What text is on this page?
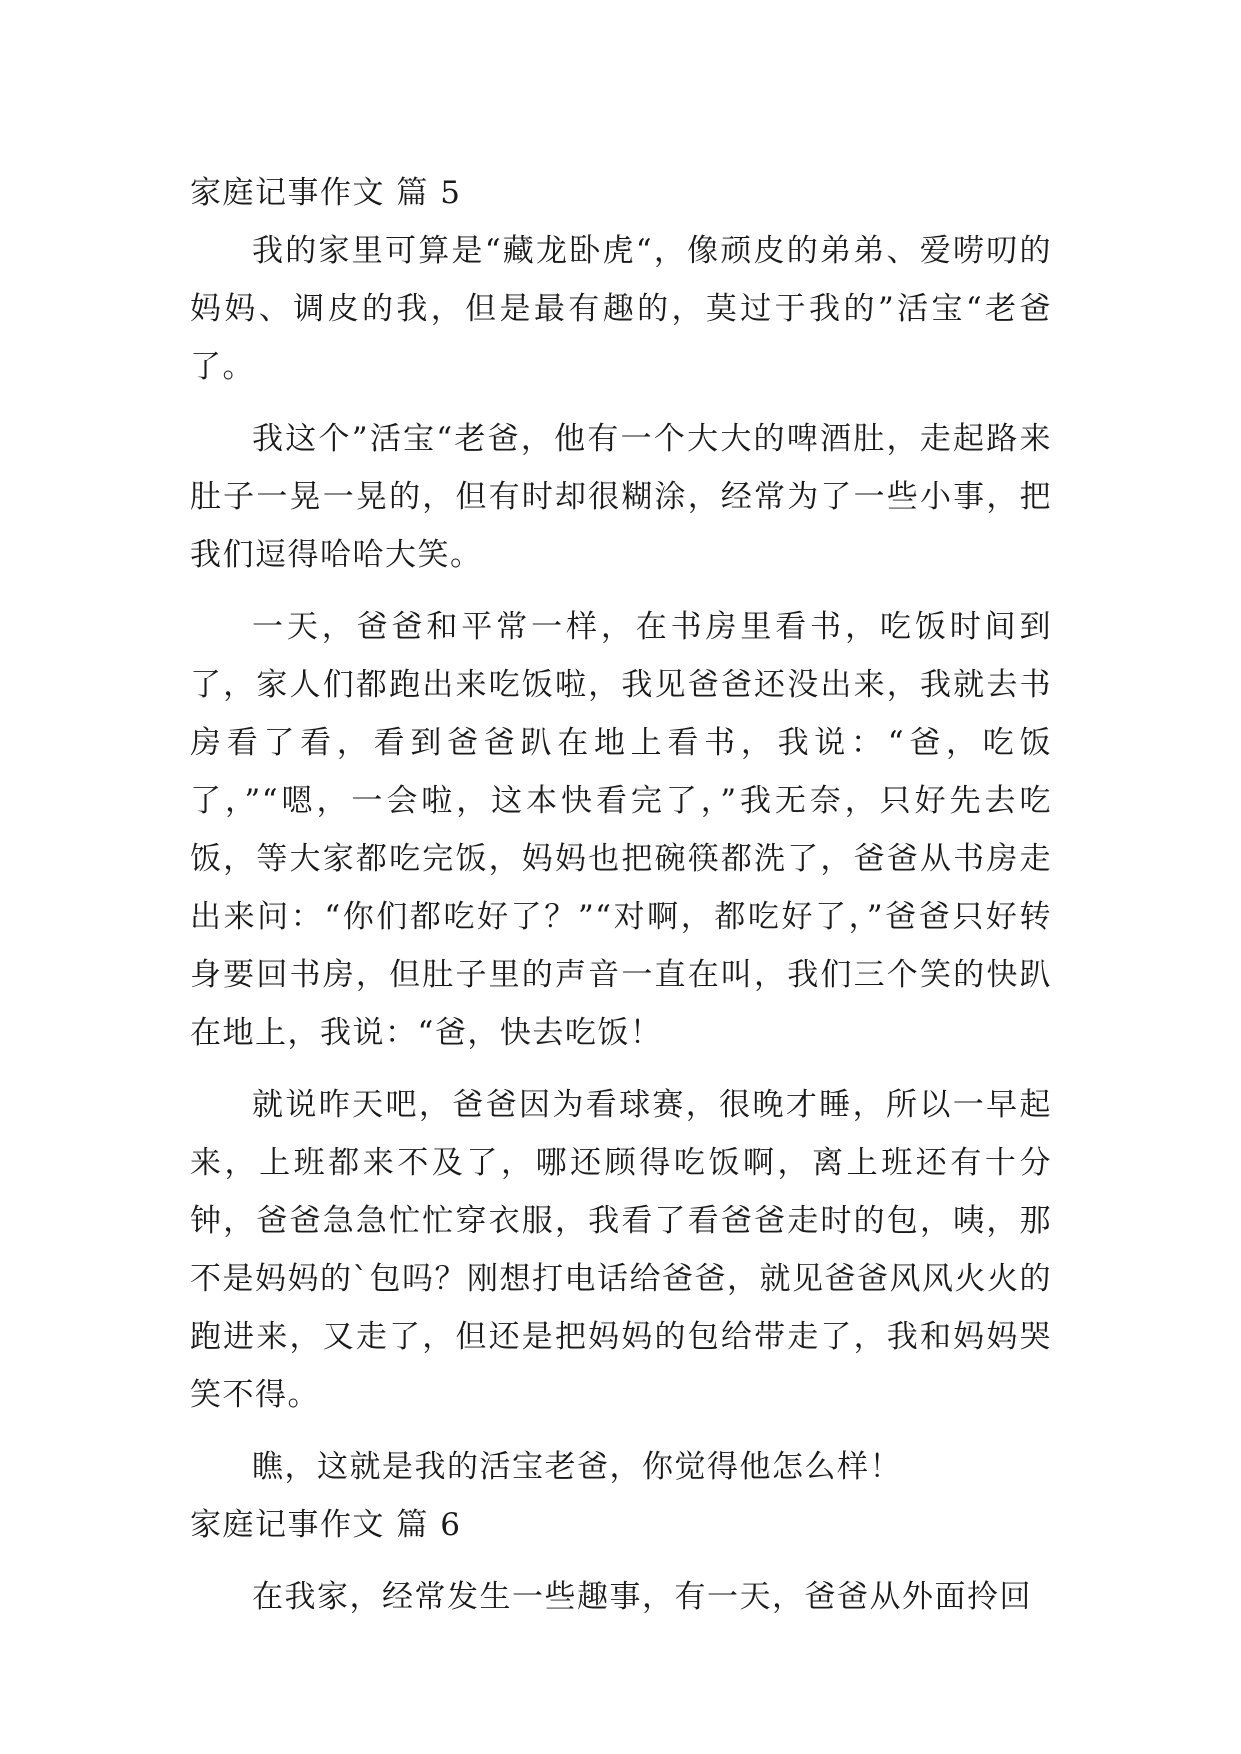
家庭记事作文 篇 5

我的家里可算是“藏龙卧虎“，像顽皮的弟弟、爱唠叨的妈妈、调皮的我，但是最有趣的，莫过于我的”活宝“老爸了。

我这个”活宝“老爸，他有一个大大的啤酒肚，走起路来肚子一晃一晃的，但有时却很糊涂，经常为了一些小事，把我们逗得哈哈大笑。

一天，爸爸和平常一样，在书房里看书，吃饭时间到了，家人们都跑出来吃饭啦，我见爸爸还没出来，我就去书房看了看，看到爸爸趴在地上看书，我说：“爸，吃饭了，”“嗯，一会啦，这本快看完了，”我无奈，只好先去吃饭，等大家都吃完饭，妈妈也把碗筷都洗了，爸爸从书房走出来问：“你们都吃好了？”“对啊，都吃好了，”爸爸只好转身要回书房，但肚子里的声音一直在叫，我们三个笑的快趴在地上，我说：“爸，快去吃饭！

就说昨天吧，爸爸因为看球赛，很晚才睡，所以一早起来，上班都来不及了，哪还顾得吃饭啊，离上班还有十分钟，爸爸急急忙忙穿衣服，我看了看爸爸走时的包，咦，那不是妈妈的`包吗？刚想打电话给爸爸，就见爸爸风风火火的跑进来，又走了，但还是把妈妈的包给带走了，我和妈妈哭笑不得。

瞧，这就是我的活宝老爸，你觉得他怎么样！

家庭记事作文 篇 6

在我家，经常发生一些趣事，有一天，爸爸从外面拎回
